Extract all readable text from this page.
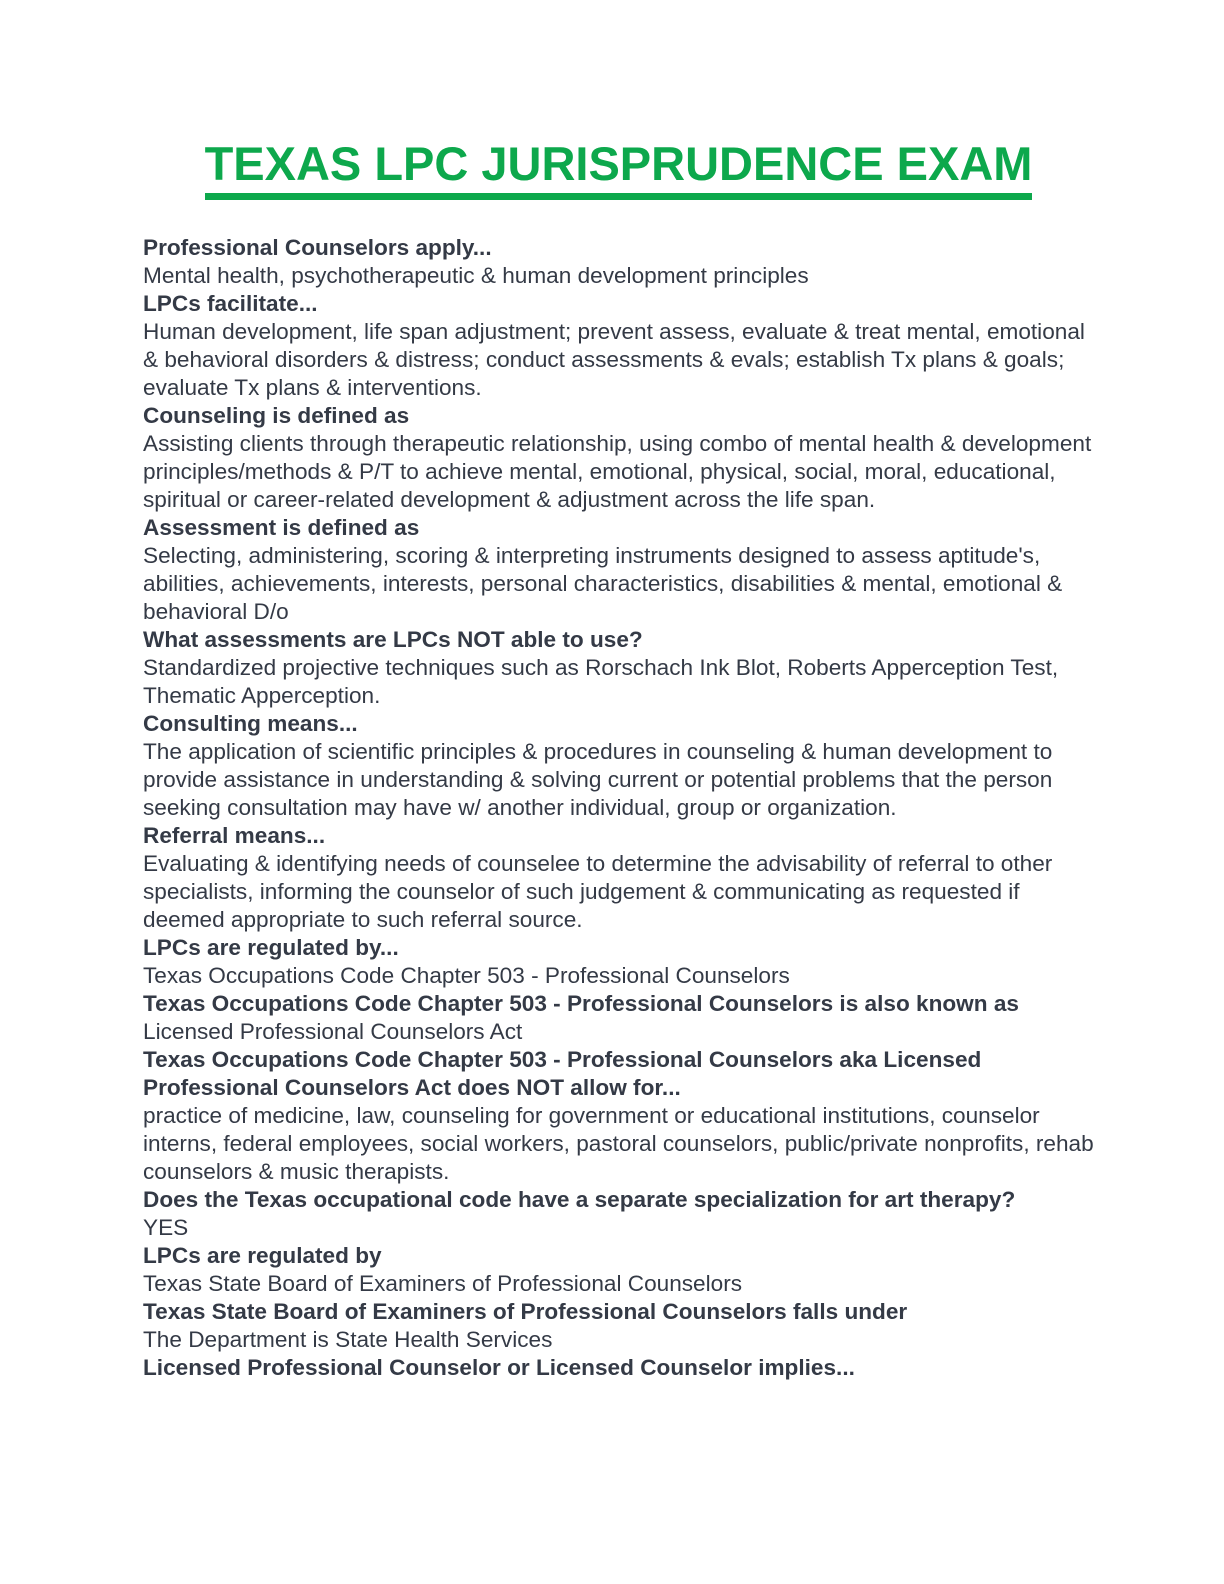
TEXAS LPC JURISPRUDENCE EXAM

Professional Counselors apply...

Mental health, psychotherapeutic & human development principles

LPCs facilitate...

Human development, life span adjustment; prevent assess, evaluate & treat mental, emotional & behavioral disorders & distress; conduct assessments & evals; establish Tx plans & goals; evaluate Tx plans & interventions.

Counseling is defined as

Assisting clients through therapeutic relationship, using combo of mental health & development principles/methods & P/T to achieve mental, emotional, physical, social, moral, educational, spiritual or career-related development & adjustment across the life span.

Assessment is defined as

Selecting, administering, scoring & interpreting instruments designed to assess aptitude's, abilities, achievements, interests, personal characteristics, disabilities & mental, emotional & behavioral D/o

What assessments are LPCs NOT able to use?

Standardized projective techniques such as Rorschach Ink Blot, Roberts Apperception Test, Thematic Apperception.

Consulting means...

The application of scientific principles & procedures in counseling & human development to provide assistance in understanding & solving current or potential problems that the person seeking consultation may have w/ another individual, group or organization.

Referral means...

Evaluating & identifying needs of counselee to determine the advisability of referral to other specialists, informing the counselor of such judgement & communicating as requested if deemed appropriate to such referral source.

LPCs are regulated by...

Texas Occupations Code Chapter 503 - Professional Counselors

Texas Occupations Code Chapter 503 - Professional Counselors is also known as

Licensed Professional Counselors Act

Texas Occupations Code Chapter 503 - Professional Counselors aka Licensed Professional Counselors Act does NOT allow for...

practice of medicine, law, counseling for government or educational institutions, counselor interns, federal employees, social workers, pastoral counselors, public/private nonprofits, rehab counselors & music therapists.

Does the Texas occupational code have a separate specialization for art therapy?

YES

LPCs are regulated by

Texas State Board of Examiners of Professional Counselors

Texas State Board of Examiners of Professional Counselors falls under

The Department is State Health Services

Licensed Professional Counselor or Licensed Counselor implies...
